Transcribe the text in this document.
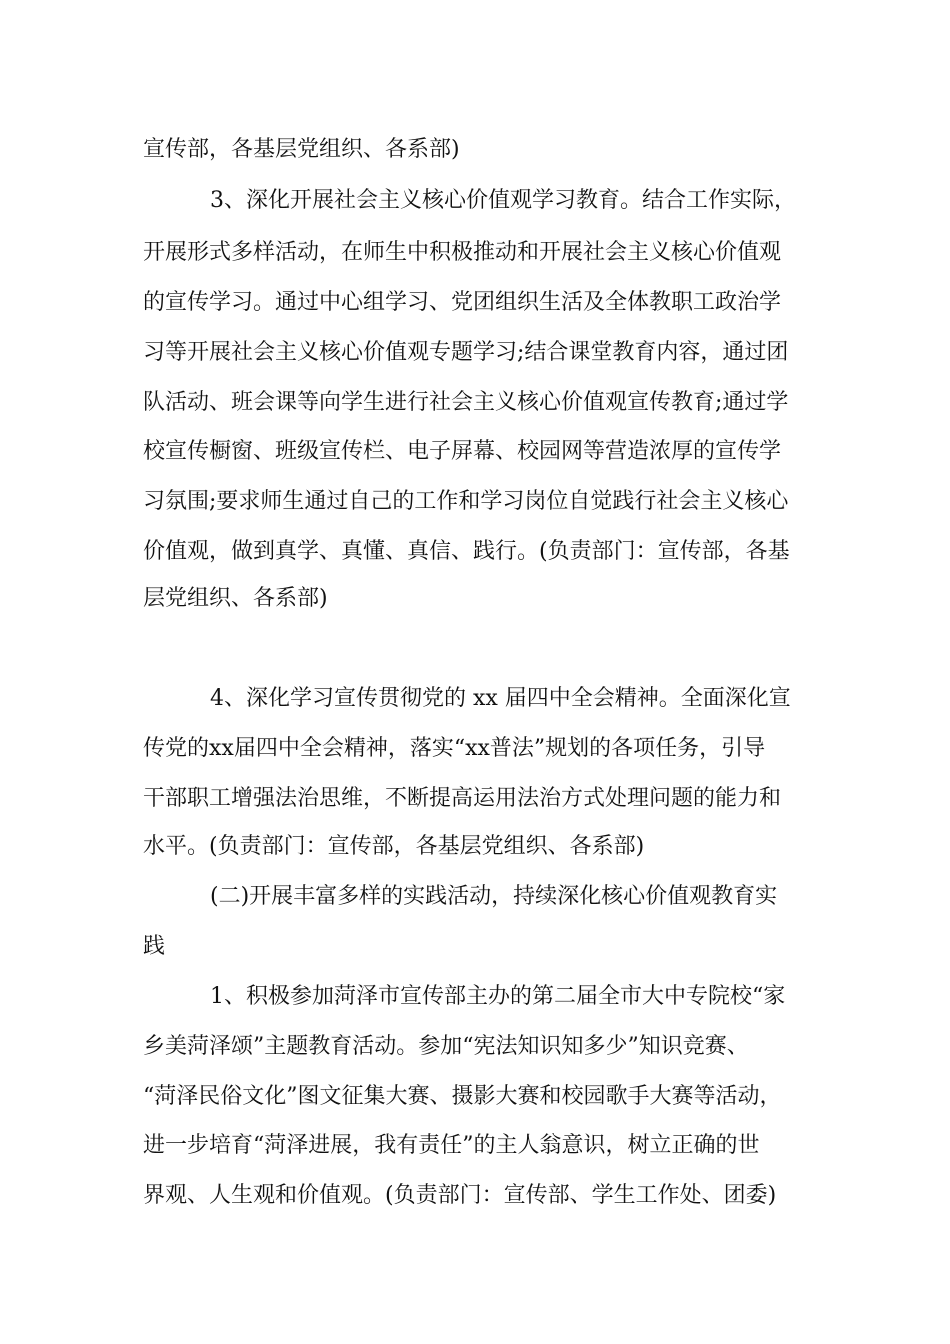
宣传部，各基层党组织、各系部)

3、深化开展社会主义核心价值观学习教育。结合工作实际，

开展形式多样活动，在师生中积极推动和开展社会主义核心价值观

的宣传学习。通过中心组学习、党团组织生活及全体教职工政治学

习等开展社会主义核心价值观专题学习;结合课堂教育内容，通过团

队活动、班会课等向学生进行社会主义核心价值观宣传教育;通过学

校宣传橱窗、班级宣传栏、电子屏幕、校园网等营造浓厚的宣传学

习氛围;要求师生通过自己的工作和学习岗位自觉践行社会主义核心

价值观，做到真学、真懂、真信、践行。(负责部门：宣传部，各基

层党组织、各系部)

4、深化学习宣传贯彻党的 xx 届四中全会精神。全面深化宣

传党的xx届四中全会精神，落实“xx普法”规划的各项任务，引导

干部职工增强法治思维，不断提高运用法治方式处理问题的能力和

水平。(负责部门：宣传部，各基层党组织、各系部)

(二)开展丰富多样的实践活动，持续深化核心价值观教育实

践

1、积极参加菏泽市宣传部主办的第二届全市大中专院校“家

乡美菏泽颂”主题教育活动。参加“宪法知识知多少”知识竞赛、

“菏泽民俗文化”图文征集大赛、摄影大赛和校园歌手大赛等活动，

进一步培育“菏泽进展，我有责任”的主人翁意识，树立正确的世

界观、人生观和价值观。(负责部门：宣传部、学生工作处、团委)
